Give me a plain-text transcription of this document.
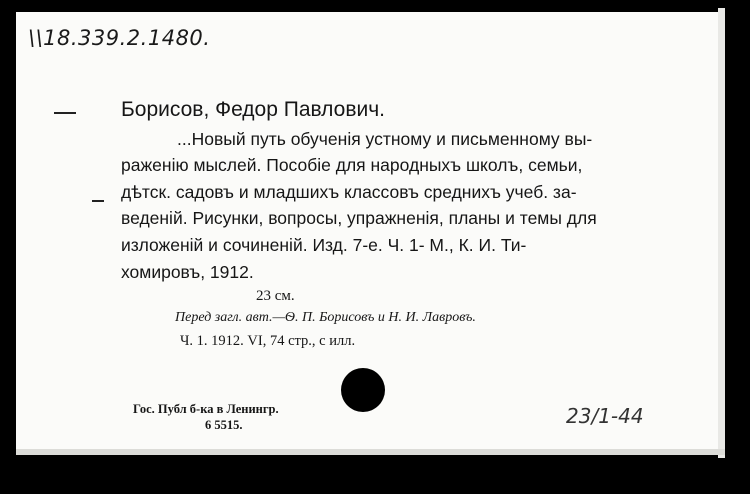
\\18.339.2.1480.
Борисов, Федор Павлович.
...Новый путь обученія устному и письменному вы-
раженію мыслей. Пособіе для народныхъ школъ, семьи,
дѣтск. садовъ и младшихъ классовъ среднихъ учеб. за-
веденій. Рисунки, вопросы, упражненія, планы и темы для
изложеній и сочиненій. Изд. 7-е. Ч. 1- М., К. И. Ти-
хомировъ, 1912.
23 см.
Перед загл. авт.—Ѳ. П. Борисовъ и Н. И. Лавровъ.
Ч. 1. 1912. VI, 74 стр., с илл.
Гос. Публ б-ка в Ленингр.
6 5515.	23/1-44
